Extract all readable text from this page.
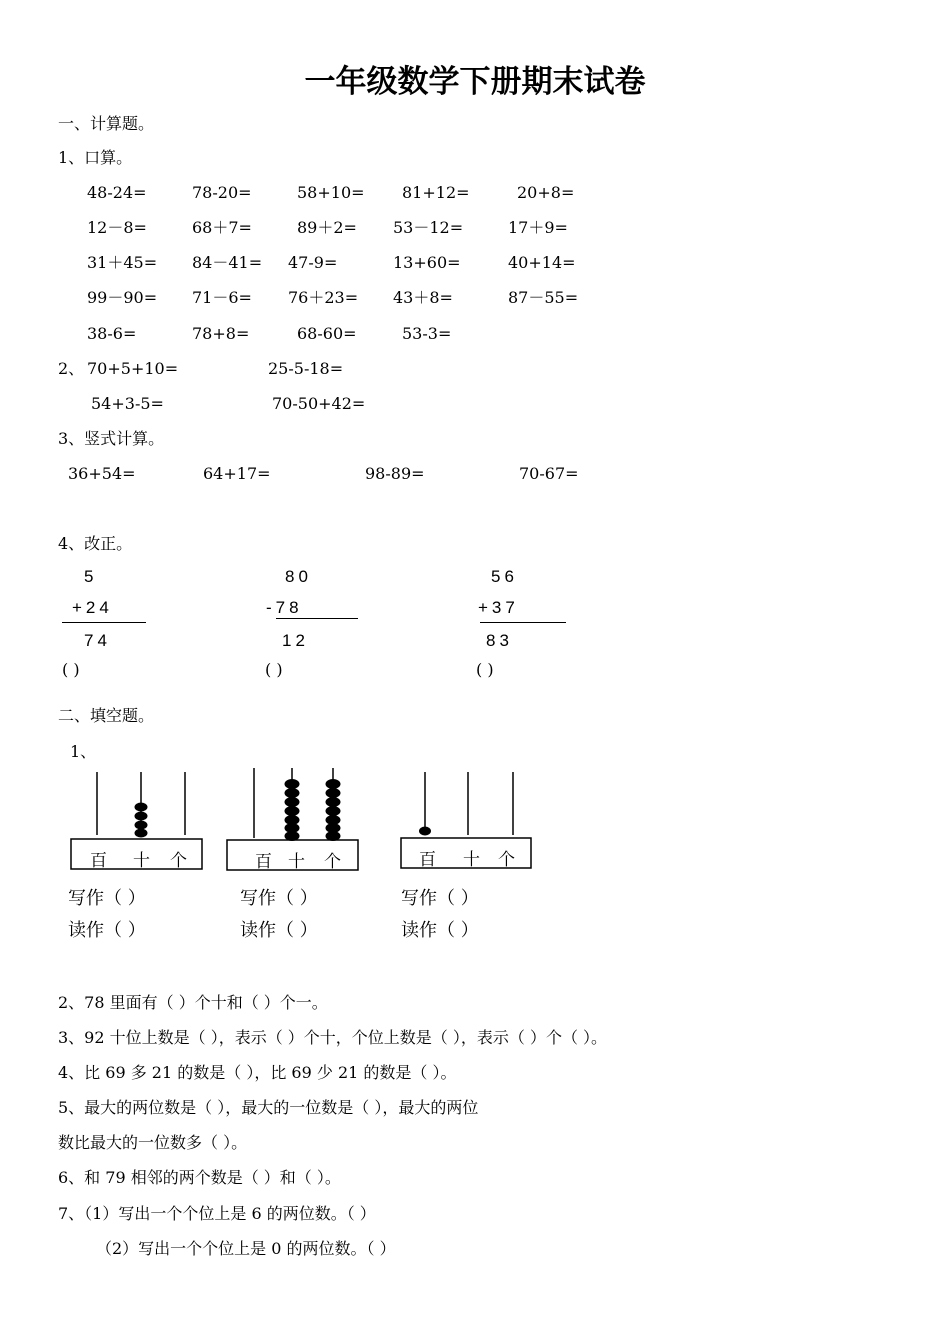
一年级数学下册期末试卷
一、计算题。
1、口算。
48-24=	78-20=	58+10= 81+12=	20+8=
12－8=	68＋7=	89＋2= 53－12=	17＋9=
31＋45= 84－41= 47-9=	13+60=	40+14=
99－90= 71－6= 76＋23= 43＋8=	87－55=
38-6=	78+8=	68-60=	53-3=
2、 70+5+10=	25-5-18=
54+3-5=	70-50+42=
3、竖式计算。
36+54=	64+17=	98-89=	70-67=
4、改正。
5
+24
74
( )
80
-78
12
( )
56
+37
83
( )
二、填空题。
1、
百 十 个
写作（ ）
读作（ ）
百 十 个
写作（ ）
读作（ ）
百 十 个
写作（ ）
读作（ ）
2、78 里面有（ ）个十和（ ）个一。
3、92 十位上数是（ ），表示（ ）个十，个位上数是（ ），表示（ ）个（ ）。
4、比 69 多 21 的数是（ ），比 69 少 21 的数是（ ）。
5、最大的两位数是（ ），最大的一位数是（ ），最大的两位
数比最大的一位数多（ ）。
6、和 79 相邻的两个数是（ ）和（ ）。
7、（1）写出一个个位上是 6 的两位数。（ ）
（2）写出一个个位上是 0 的两位数。（ ）
